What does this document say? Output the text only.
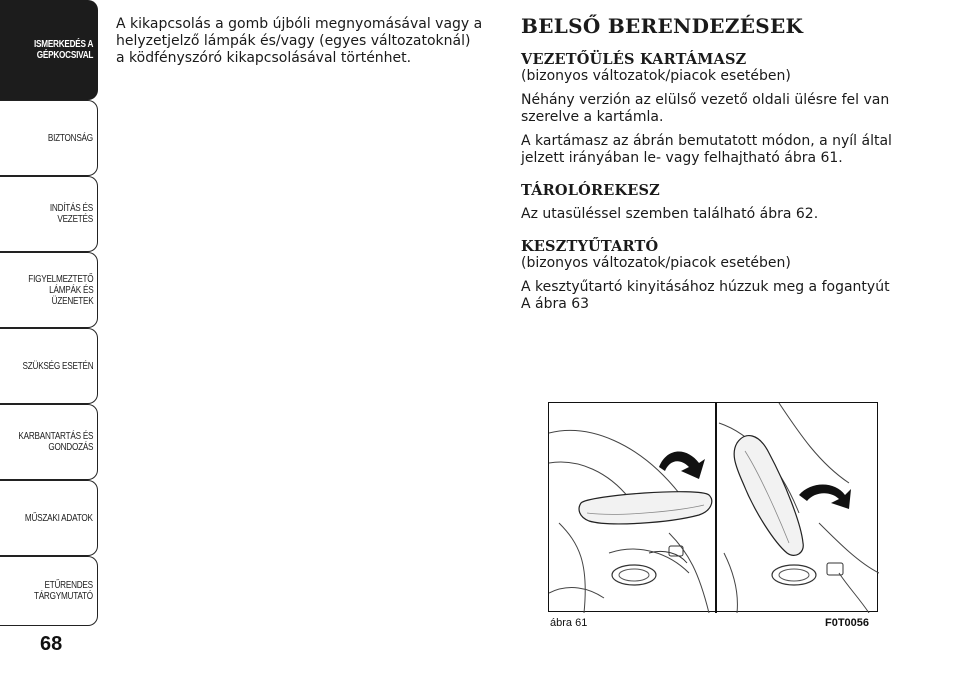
ISMERKEDÉS A
GÉPKOCSIVAL
BIZTONSÁG
INDÍTÁS ÉS VEZETÉS
FIGYELMEZTETŐ
LÁMPÁK ÉS
ÜZENETEK
SZÜKSÉG ESETÉN
KARBANTARTÁS ÉS
GONDOZÁS
MŰSZAKI ADATOK
ETŰRENDES
TÁRGYMUTATÓ
68

A kikapcsolás a gomb újbóli megnyomásával vagy a
helyzetjelző lámpák és/vagy (egyes változatoknál)
a ködfényszóró kikapcsolásával történhet.

BELSŐ BERENDEZÉSEK
VEZETŐÜLÉS KARTÁMASZ

(bizonyos változatok/piacok esetében)

Néhány verzión az elülső vezető oldali ülésre fel van
szerelve a kartámla.

A kartámasz az ábrán bemutatott módon, a nyíl által
jelzett irányában le- vagy felhajtható ábra 61.

TÁROLÓREKESZ

Az utasüléssel szemben található ábra 62.

KESZTYŰTARTÓ

(bizonyos változatok/piacok esetében)

A kesztyűtartó kinyitásához húzzuk meg a fogantyút
A ábra 63

ábra 61	F0T0056
